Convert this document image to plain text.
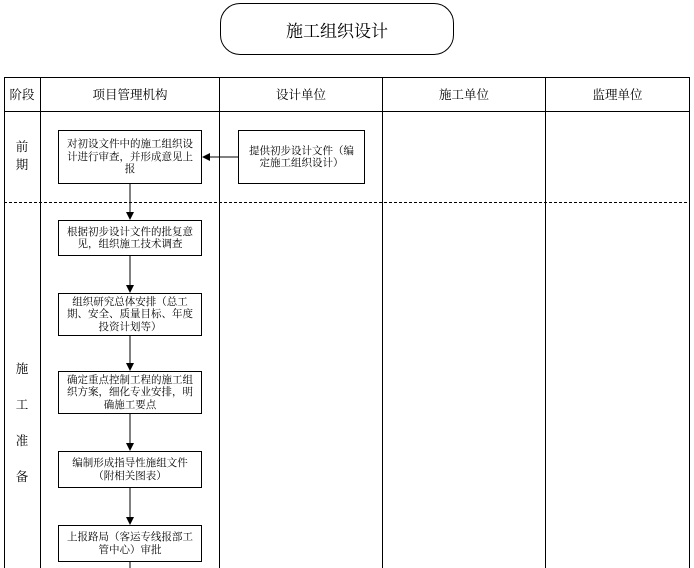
施工组织设计
阶段	项目管理机构	设计单位	施工单位	监理单位
前
期
施

工

准

备
对初设文件中的施工组织设计进行审查，并形成意见上报
提供初步设计文件（编定施工组织设计）
根据初步设计文件的批复意见，组织施工技术调查
组织研究总体安排（总工期、安全、质量目标、年度投资计划等）
确定重点控制工程的施工组织方案，细化专业安排，明确施工要点
编制形成指导性施组文件（附相关图表）
上报路局（客运专线报部工管中心）审批
